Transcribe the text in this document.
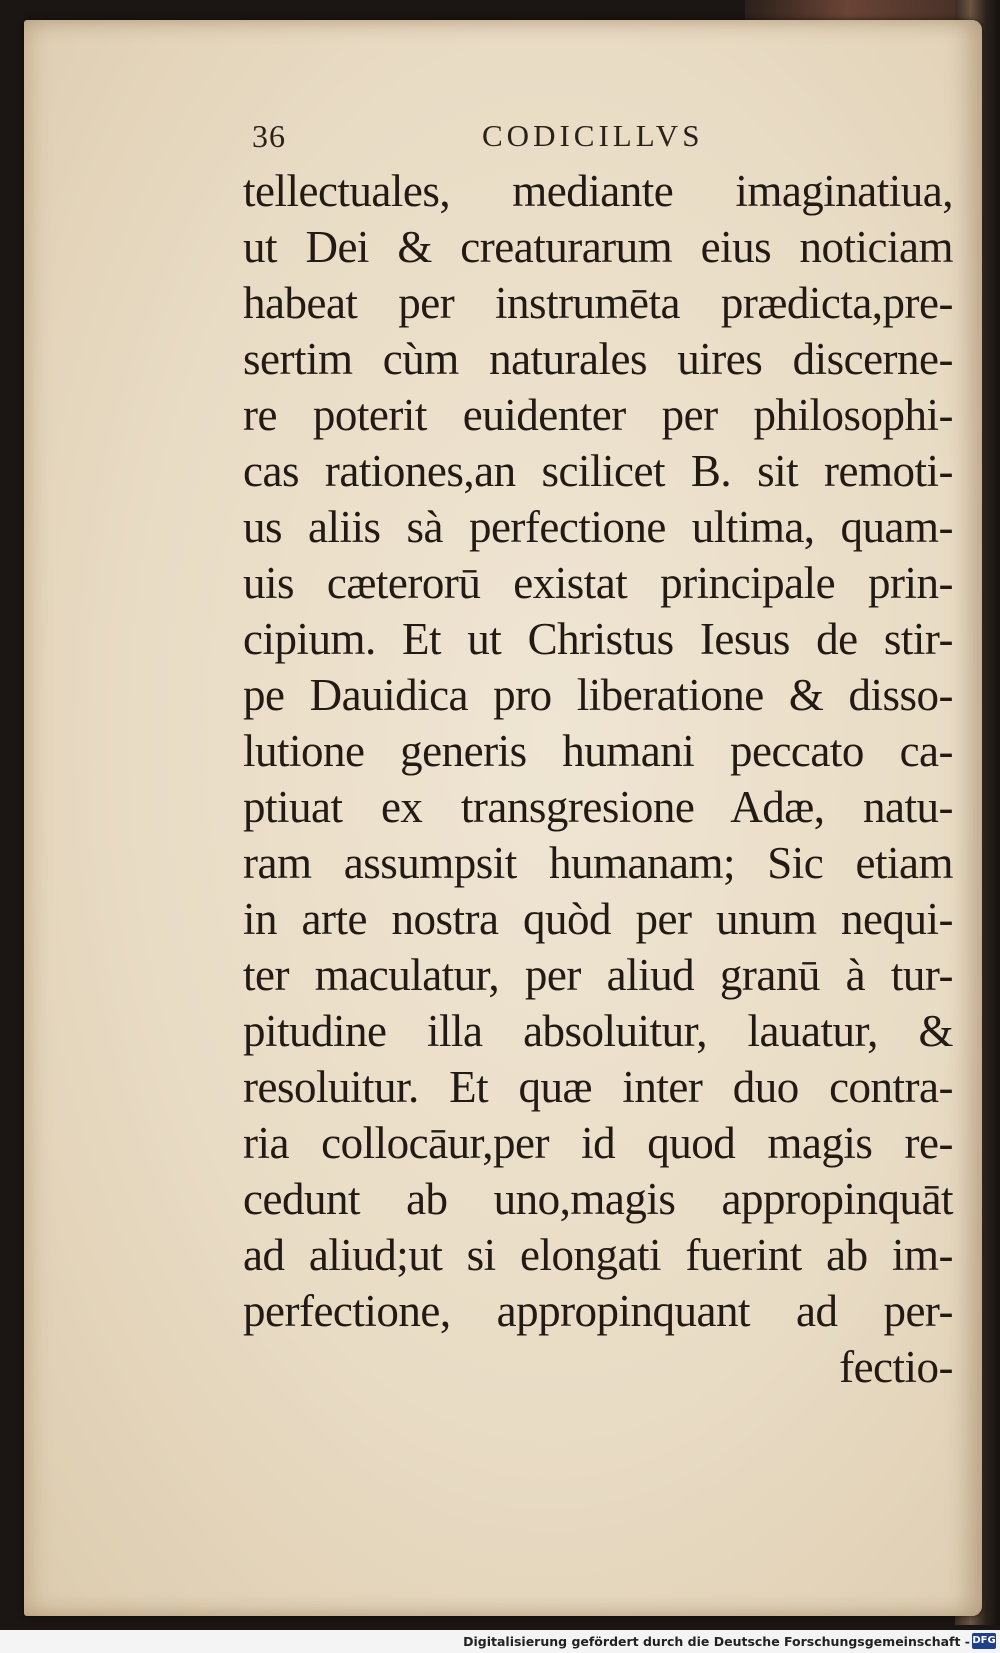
36	CODICILLVS
tellectuales, mediante imaginatiua,
ut Dei & creaturarum eius noticiam
habeat per instrumēta prædicta,pre-
sertim cùm naturales uires discerne-
re poterit euidenter per philosophi-
cas rationes,an scilicet B. sit remoti-
us aliis sà perfectione ultima, quam-
uis cæterorū existat principale prin-
cipium. Et ut Christus Iesus de stir-
pe Dauidica pro liberatione & disso-
lutione generis humani peccato ca-
ptiuat ex transgresione Adæ, natu-
ram assumpsit humanam; Sic etiam
in arte nostra quòd per unum nequi-
ter maculatur, per aliud granū à tur-
pitudine illa absoluitur, lauatur, &
resoluitur. Et quæ inter duo contra-
ria collocāur,per id quod magis re-
cedunt ab uno,magis appropinquāt
ad aliud;ut si elongati fuerint ab im-
perfectione, appropinquant ad per-
fectio-
Digitalisierung gefördert durch die Deutsche Forschungsgemeinschaft - DFG
